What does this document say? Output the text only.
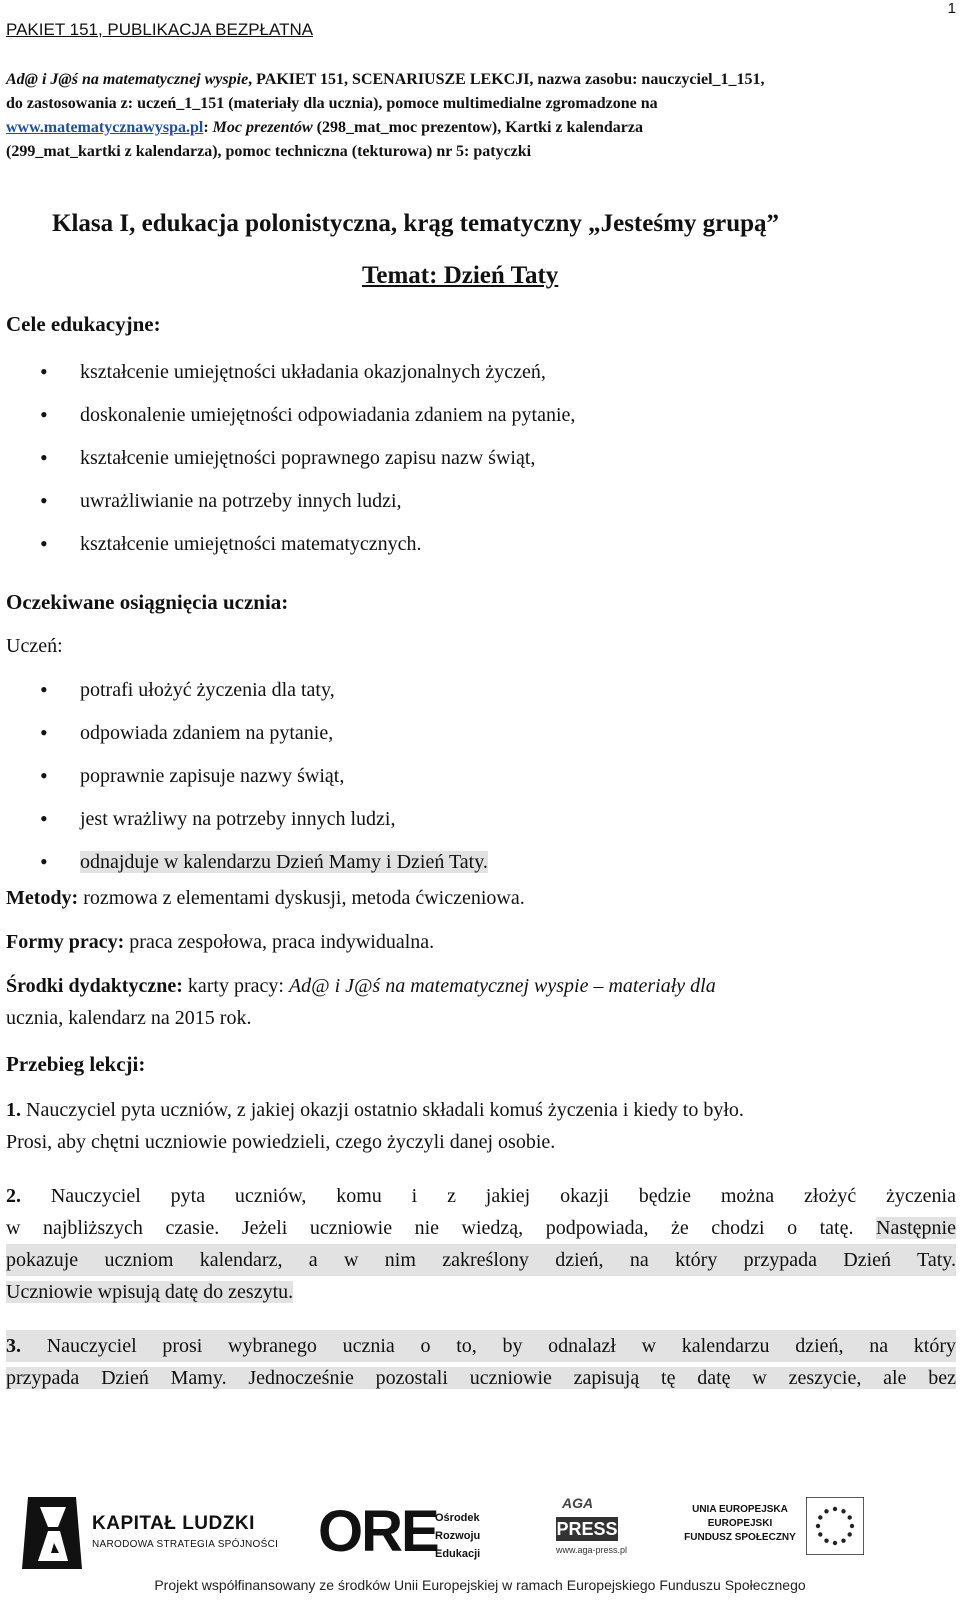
PAKIET 151, PUBLIKACJA BEZPŁATNA
1
Ad@ i J@ś na matematycznej wyspie, PAKIET 151, SCENARIUSZE LEKCJI, nazwa zasobu: nauczyciel_1_151,
do zastosowania z: uczeń_1_151 (materiały dla ucznia), pomoce multimedialne zgromadzone na
www.matematycznawyspa.pl: Moc prezentów (298_mat_moc prezentow), Kartki z kalendarza
(299_mat_kartki z kalendarza), pomoc techniczna (tekturowa) nr 5: patyczki
Klasa I, edukacja polonistyczna, krąg tematyczny „Jesteśmy grupą”
Temat: Dzień Taty
Cele edukacyjne:
• kształcenie umiejętności układania okazjonalnych życzeń,
• doskonalenie umiejętności odpowiadania zdaniem na pytanie,
• kształcenie umiejętności poprawnego zapisu nazw świąt,
• uwrażliwianie na potrzeby innych ludzi,
• kształcenie umiejętności matematycznych.
Oczekiwane osiągnięcia ucznia:
Uczeń:
• potrafi ułożyć życzenia dla taty,
• odpowiada zdaniem na pytanie,
• poprawnie zapisuje nazwy świąt,
• jest wrażliwy na potrzeby innych ludzi,
• odnajduje w kalendarzu Dzień Mamy i Dzień Taty.
Metody: rozmowa z elementami dyskusji, metoda ćwiczeniowa.
Formy pracy: praca zespołowa, praca indywidualna.
Środki dydaktyczne: karty pracy: Ad@ i J@ś na matematycznej wyspie – materiały dla
ucznia, kalendarz na 2015 rok.
Przebieg lekcji:
1. Nauczyciel pyta uczniów, z jakiej okazji ostatnio składali komuś życzenia i kiedy to było.
Prosi, aby chętni uczniowie powiedzieli, czego życzyli danej osobie.
2. Nauczyciel pyta uczniów, komu i z jakiej okazji będzie można złożyć życzenia
w najbliższych czasie. Jeżeli uczniowie nie wiedzą, podpowiada, że chodzi o tatę. Następnie
pokazuje uczniom kalendarz, a w nim zakreślony dzień, na który przypada Dzień Taty.
Uczniowie wpisują datę do zeszytu.
3. Nauczyciel prosi wybranego ucznia o to, by odnalazł w kalendarzu dzień, na który
przypada Dzień Mamy. Jednocześnie pozostali uczniowie zapisują tę datę w zeszycie, ale bez
KAPITAŁ LUDZKI
NARODOWA STRATEGIA SPÓJNOŚCI ORE
Ośrodek
Rozwoju
Edukacji
AGA
PRESS
www.aga-press.pl
UNIA EUROPEJSKA
EUROPEJSKI
FUNDUSZ SPOŁECZNY
Projekt współfinansowany ze środków Unii Europejskiej w ramach Europejskiego Funduszu Społecznego
